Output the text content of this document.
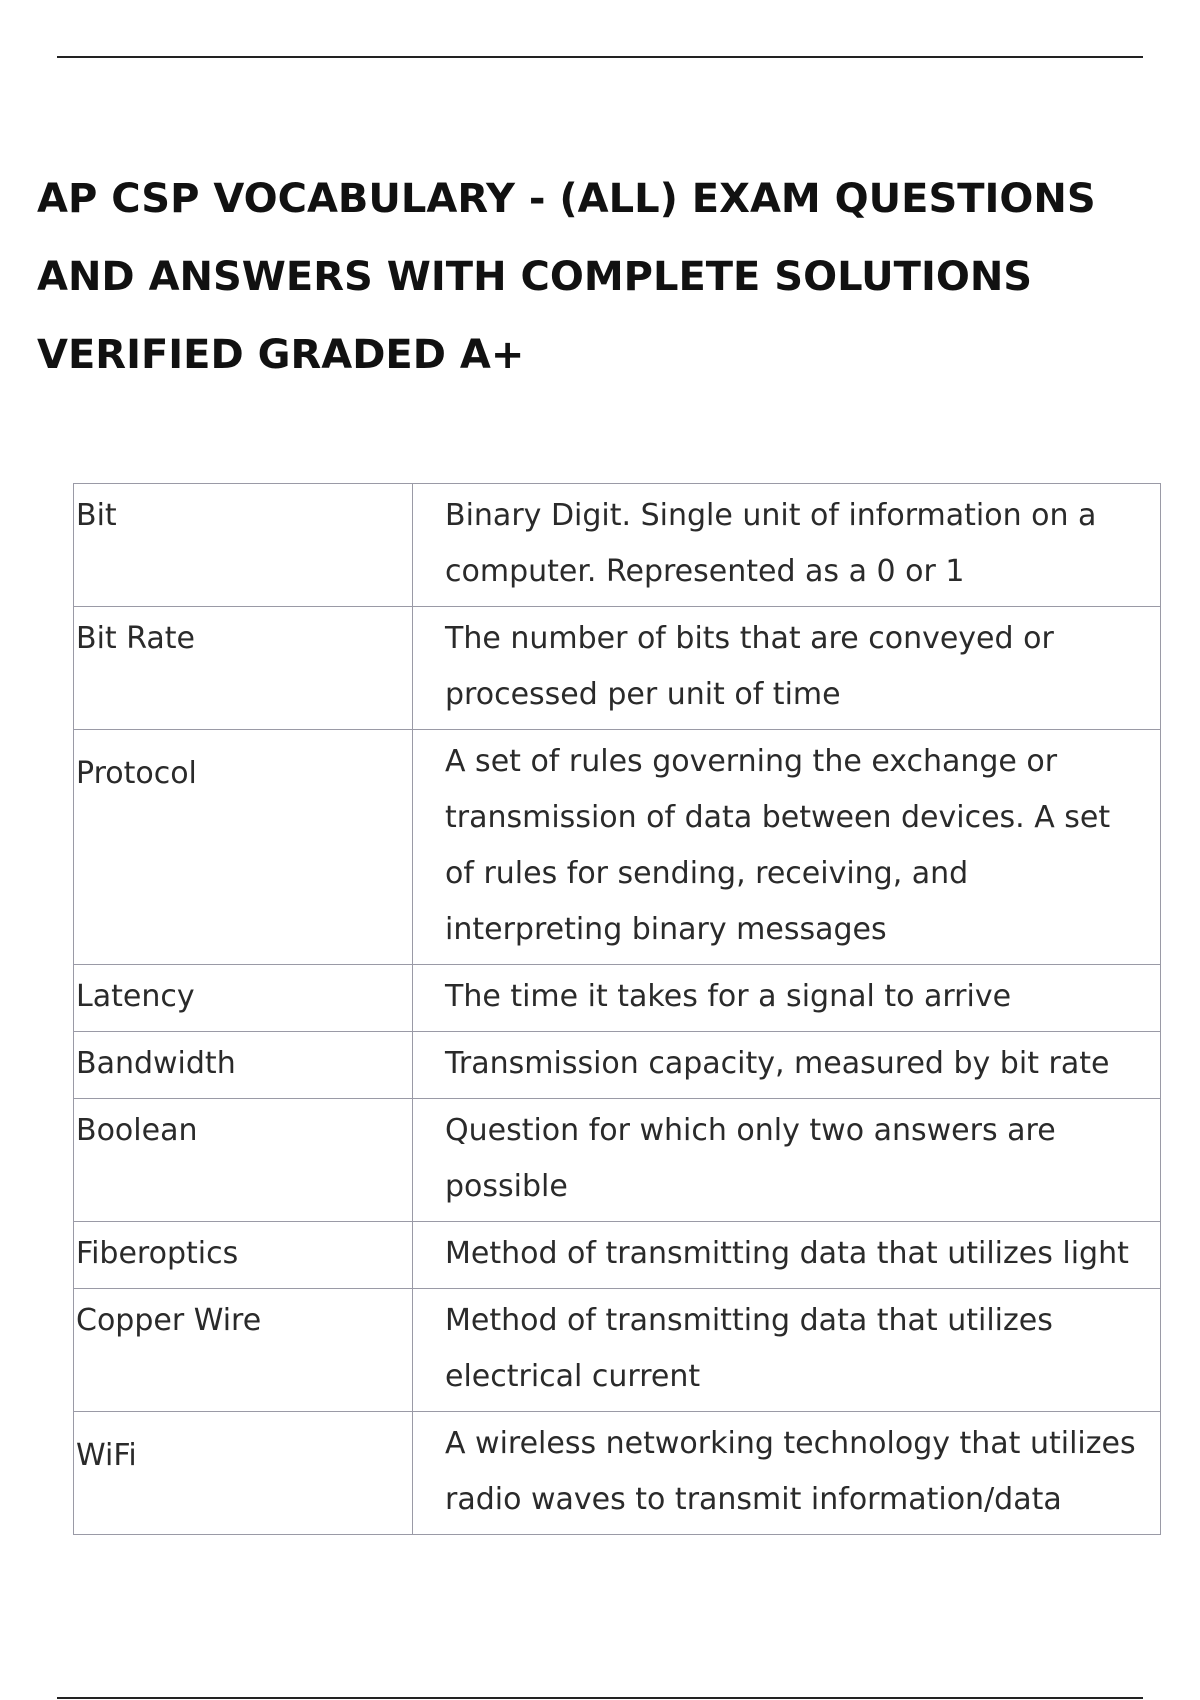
AP CSP VOCABULARY - (ALL) EXAM QUESTIONS AND ANSWERS WITH COMPLETE SOLUTIONS VERIFIED GRADED A+
Bit	Binary Digit. Single unit of information on a computer. Represented as a 0 or 1
Bit Rate	The number of bits that are conveyed or processed per unit of time
Protocol	A set of rules governing the exchange or transmission of data between devices. A set of rules for sending, receiving, and interpreting binary messages
Latency	The time it takes for a signal to arrive
Bandwidth	Transmission capacity, measured by bit rate
Boolean	Question for which only two answers are possible
Fiberoptics	Method of transmitting data that utilizes light
Copper Wire	Method of transmitting data that utilizes electrical current
WiFi	A wireless networking technology that utilizes radio waves to transmit information/data
